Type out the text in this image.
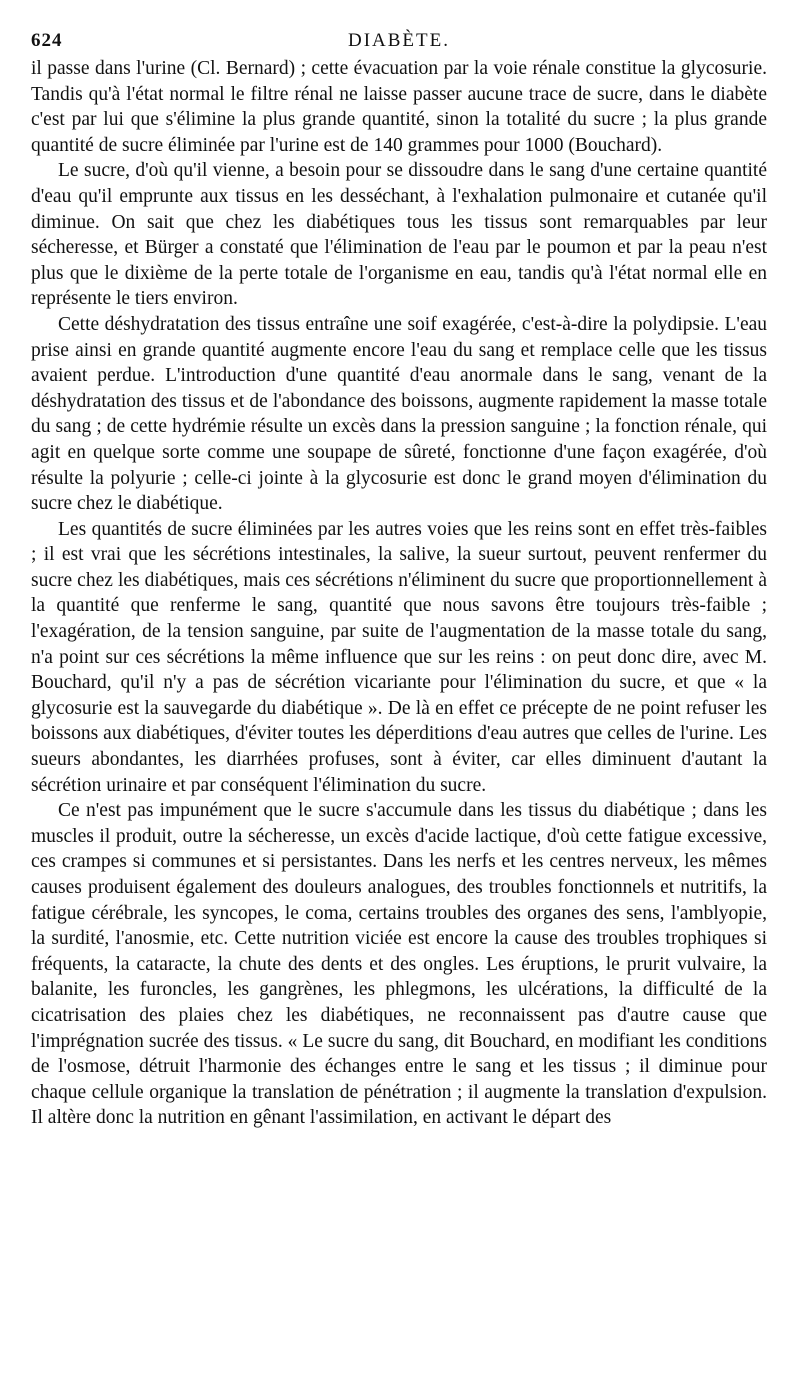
624	DIABÈTE.

il passe dans l'urine (Cl. Bernard) ; cette évacuation par la voie rénale constitue la glycosurie. Tandis qu'à l'état normal le filtre rénal ne laisse passer aucune trace de sucre, dans le diabète c'est par lui que s'élimine la plus grande quantité, sinon la totalité du sucre ; la plus grande quantité de sucre éliminée par l'urine est de 140 grammes pour 1000 (Bouchard).

Le sucre, d'où qu'il vienne, a besoin pour se dissoudre dans le sang d'une certaine quantité d'eau qu'il emprunte aux tissus en les desséchant, à l'exhalation pulmonaire et cutanée qu'il diminue. On sait que chez les diabétiques tous les tissus sont remarquables par leur sécheresse, et Bürger a constaté que l'élimination de l'eau par le poumon et par la peau n'est plus que le dixième de la perte totale de l'organisme en eau, tandis qu'à l'état normal elle en représente le tiers environ.

Cette déshydratation des tissus entraîne une soif exagérée, c'est-à-dire la polydipsie. L'eau prise ainsi en grande quantité augmente encore l'eau du sang et remplace celle que les tissus avaient perdue. L'introduction d'une quantité d'eau anormale dans le sang, venant de la déshydratation des tissus et de l'abondance des boissons, augmente rapidement la masse totale du sang ; de cette hydrémie résulte un excès dans la pression sanguine ; la fonction rénale, qui agit en quelque sorte comme une soupape de sûreté, fonctionne d'une façon exagérée, d'où résulte la polyurie ; celle-ci jointe à la glycosurie est donc le grand moyen d'élimination du sucre chez le diabétique.

Les quantités de sucre éliminées par les autres voies que les reins sont en effet très-faibles ; il est vrai que les sécrétions intestinales, la salive, la sueur surtout, peuvent renfermer du sucre chez les diabétiques, mais ces sécrétions n'éliminent du sucre que proportionnellement à la quantité que renferme le sang, quantité que nous savons être toujours très-faible ; l'exagération, de la tension sanguine, par suite de l'augmentation de la masse totale du sang, n'a point sur ces sécrétions la même influence que sur les reins : on peut donc dire, avec M. Bouchard, qu'il n'y a pas de sécrétion vicariante pour l'élimination du sucre, et que « la glycosurie est la sauvegarde du diabétique ». De là en effet ce précepte de ne point refuser les boissons aux diabétiques, d'éviter toutes les déperditions d'eau autres que celles de l'urine. Les sueurs abondantes, les diarrhées profuses, sont à éviter, car elles diminuent d'autant la sécrétion urinaire et par conséquent l'élimination du sucre.

Ce n'est pas impunément que le sucre s'accumule dans les tissus du diabétique ; dans les muscles il produit, outre la sécheresse, un excès d'acide lactique, d'où cette fatigue excessive, ces crampes si communes et si persistantes. Dans les nerfs et les centres nerveux, les mêmes causes produisent également des douleurs analogues, des troubles fonctionnels et nutritifs, la fatigue cérébrale, les syncopes, le coma, certains troubles des organes des sens, l'amblyopie, la surdité, l'anosmie, etc. Cette nutrition viciée est encore la cause des troubles trophiques si fréquents, la cataracte, la chute des dents et des ongles. Les éruptions, le prurit vulvaire, la balanite, les furoncles, les gangrènes, les phlegmons, les ulcérations, la difficulté de la cicatrisation des plaies chez les diabétiques, ne reconnaissent pas d'autre cause que l'imprégnation sucrée des tissus. « Le sucre du sang, dit Bouchard, en modifiant les conditions de l'osmose, détruit l'harmonie des échanges entre le sang et les tissus ; il diminue pour chaque cellule organique la translation de pénétration ; il augmente la translation d'expulsion. Il altère donc la nutrition en gênant l'assimilation, en activant le départ des
